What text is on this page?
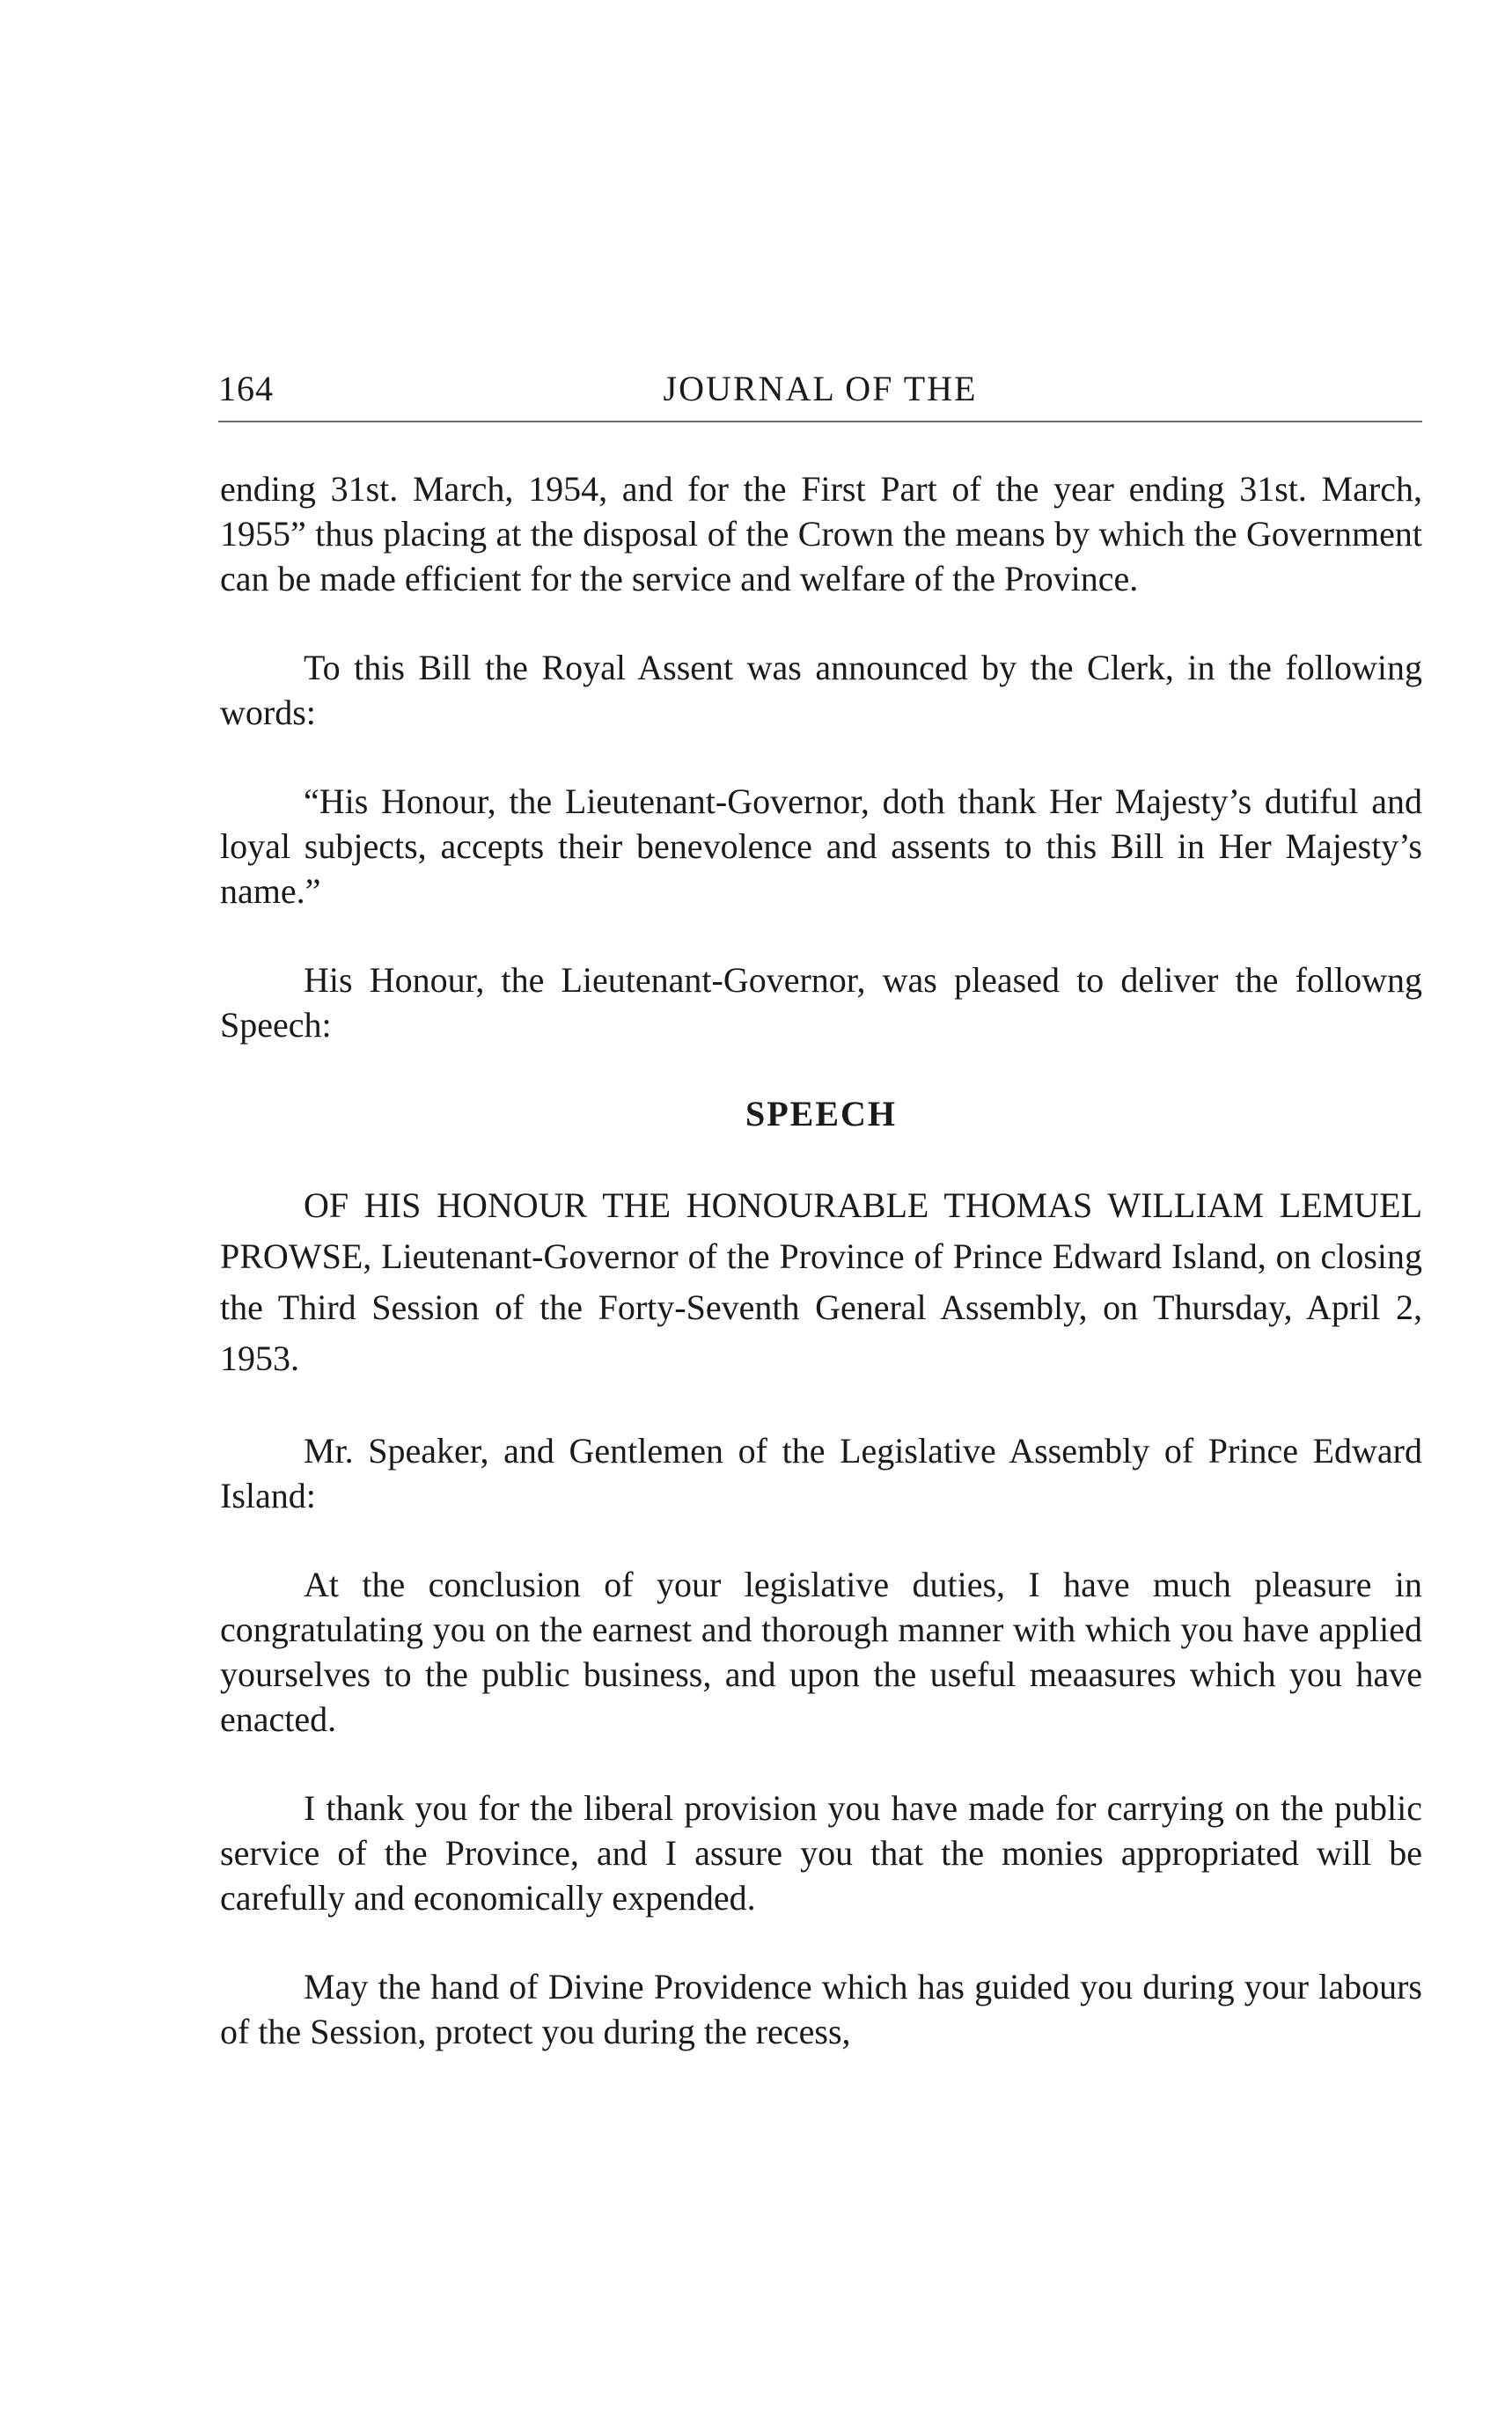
164	JOURNAL OF THE

ending 31st. March, 1954, and for the First Part of the year ending 31st. March, 1955” thus placing at the disposal of the Crown the means by which the Government can be made efficient for the service and welfare of the Province.

To this Bill the Royal Assent was announced by the Clerk, in the following words:

“His Honour, the Lieutenant-Governor, doth thank Her Majesty’s dutiful and loyal subjects, accepts their benevolence and assents to this Bill in Her Majesty’s name.”

His Honour, the Lieutenant-Governor, was pleased to deliver the followng Speech:

SPEECH

OF HIS HONOUR THE HONOURABLE THOMAS WILLIAM LEMUEL PROWSE, Lieutenant-Governor of the Province of Prince Edward Island, on closing the Third Session of the Forty-Seventh General Assembly, on Thursday, April 2, 1953.

Mr. Speaker, and Gentlemen of the Legislative Assembly of Prince Edward Island:

At the conclusion of your legislative duties, I have much pleasure in congratulating you on the earnest and thorough manner with which you have applied yourselves to the public business, and upon the useful meaasures which you have enacted.

I thank you for the liberal provision you have made for carrying on the public service of the Province, and I assure you that the monies appropriated will be carefully and economically expended.

May the hand of Divine Providence which has guided you during your labours of the Session, protect you during the recess,
